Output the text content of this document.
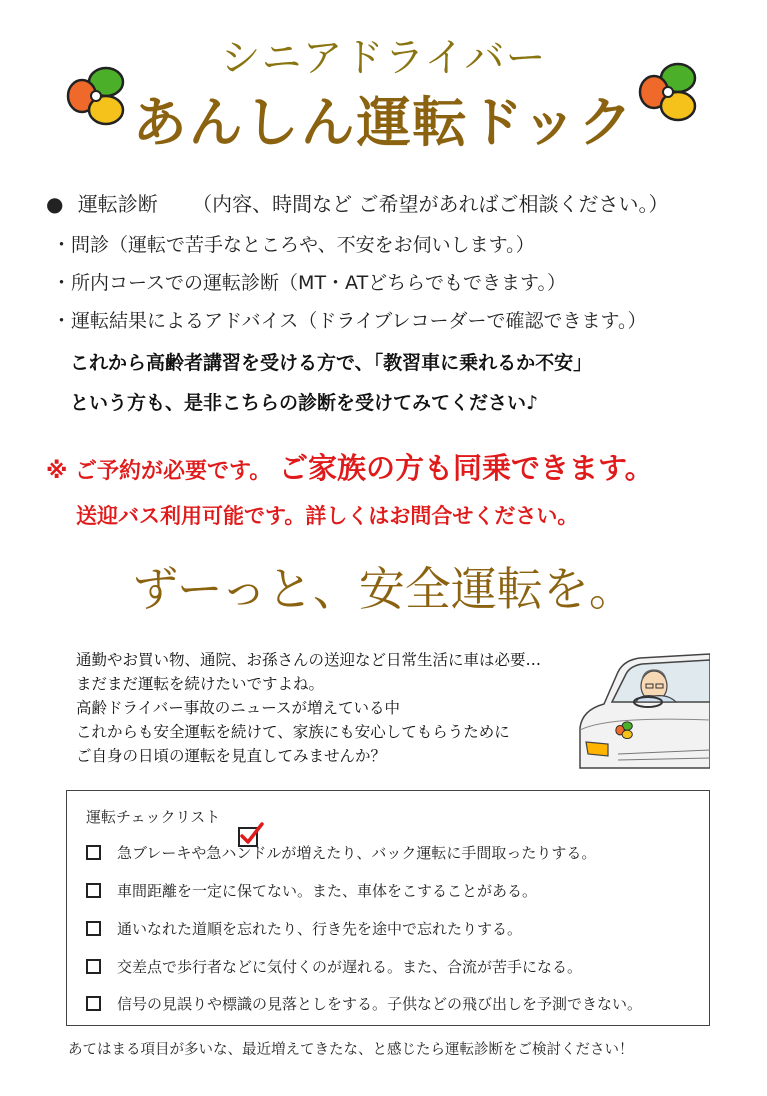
シニアドライバー
あんしん運転ドック
● 運転診断 （内容、時間など ご希望があればご相談ください。）
・問診（運転で苦手なところや、不安をお伺いします。）
・所内コースでの運転診断（MT・ATどちらでもできます。）
・運転結果によるアドバイス（ドライブレコーダーで確認できます。）
これから高齢者講習を受ける方で、「教習車に乗れるか不安」
という方も、是非こちらの診断を受けてみてください♪
※ ご予約が必要です。 ご家族の方も同乗できます。
送迎バス利用可能です。詳しくはお問合せください。
ずーっと、安全運転を。
通勤やお買い物、通院、お孫さんの送迎など日常生活に車は必要…
まだまだ運転を続けたいですよね。
高齢ドライバー事故のニュースが増えている中
これからも安全運転を続けて、家族にも安心してもらうために
ご自身の日頃の運転を見直してみませんか？
運転チェックリスト
急ブレーキや急ハンドルが増えたり、バック運転に手間取ったりする。
車間距離を一定に保てない。また、車体をこすることがある。
通いなれた道順を忘れたり、行き先を途中で忘れたりする。
交差点で歩行者などに気付くのが遅れる。また、合流が苦手になる。
信号の見誤りや標識の見落としをする。子供などの飛び出しを予測できない。
あてはまる項目が多いな、最近増えてきたな、と感じたら運転診断をご検討ください！
